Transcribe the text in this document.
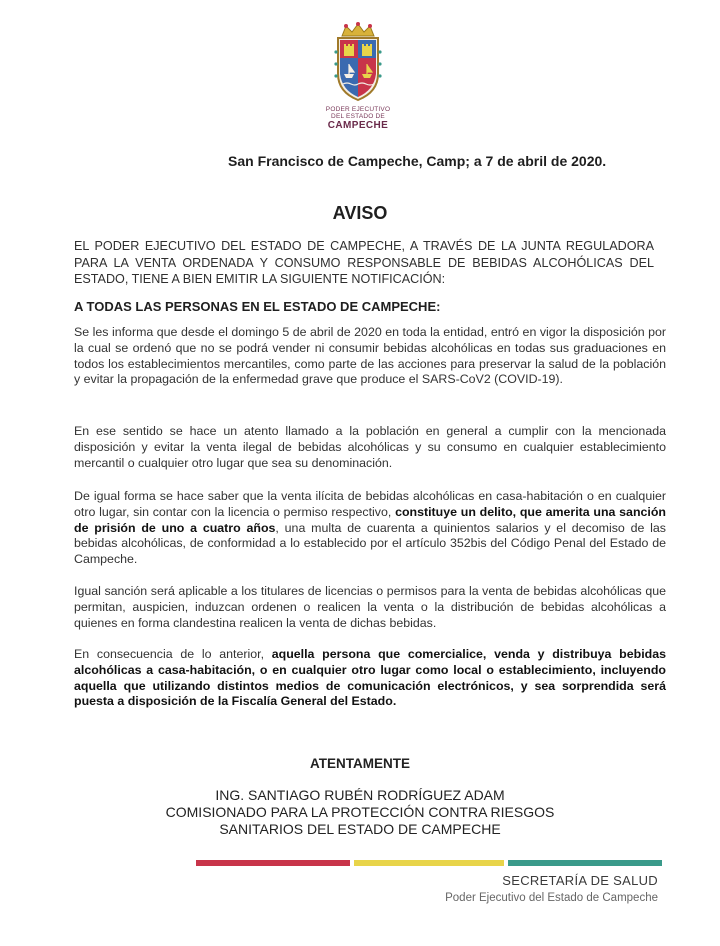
PODER EJECUTIVO
DEL ESTADO DE
CAMPECHE
San Francisco de Campeche, Camp; a 7 de abril de 2020.
AVISO
EL PODER EJECUTIVO DEL ESTADO DE CAMPECHE, A TRAVÉS DE LA JUNTA REGULADORA PARA LA VENTA ORDENADA Y CONSUMO RESPONSABLE DE BEBIDAS ALCOHÓLICAS DEL ESTADO, TIENE A BIEN EMITIR LA SIGUIENTE NOTIFICACIÓN:
A TODAS LAS PERSONAS EN EL ESTADO DE CAMPECHE:
Se les informa que desde el domingo 5 de abril de 2020 en toda la entidad, entró en vigor la disposición por la cual se ordenó que no se podrá vender ni consumir bebidas alcohólicas en todas sus graduaciones en todos los establecimientos mercantiles, como parte de las acciones para preservar la salud de la población y evitar la propagación de la enfermedad grave que produce el SARS-CoV2 (COVID-19).
En ese sentido se hace un atento llamado a la población en general a cumplir con la mencionada disposición y evitar la venta ilegal de bebidas alcohólicas y su consumo en cualquier establecimiento mercantil o cualquier otro lugar que sea su denominación.
De igual forma se hace saber que la venta ilícita de bebidas alcohólicas en casa-habitación o en cualquier otro lugar, sin contar con la licencia o permiso respectivo, constituye un delito, que amerita una sanción de prisión de uno a cuatro años, una multa de cuarenta a quinientos salarios y el decomiso de las bebidas alcohólicas, de conformidad a lo establecido por el artículo 352bis del Código Penal del Estado de Campeche.
Igual sanción será aplicable a los titulares de licencias o permisos para la venta de bebidas alcohólicas que permitan, auspicien, induzcan ordenen o realicen la venta o la distribución de bebidas alcohólicas a quienes en forma clandestina realicen la venta de dichas bebidas.
En consecuencia de lo anterior, aquella persona que comercialice, venda y distribuya bebidas alcohólicas a casa-habitación, o en cualquier otro lugar como local o establecimiento, incluyendo aquella que utilizando distintos medios de comunicación electrónicos, y sea sorprendida será puesta a disposición de la Fiscalía General del Estado.
ATENTAMENTE
ING. SANTIAGO RUBÉN RODRÍGUEZ ADAM
COMISIONADO PARA LA PROTECCIÓN CONTRA RIESGOS
SANITARIOS DEL ESTADO DE CAMPECHE
SECRETARÍA DE SALUD
Poder Ejecutivo del Estado de Campeche
